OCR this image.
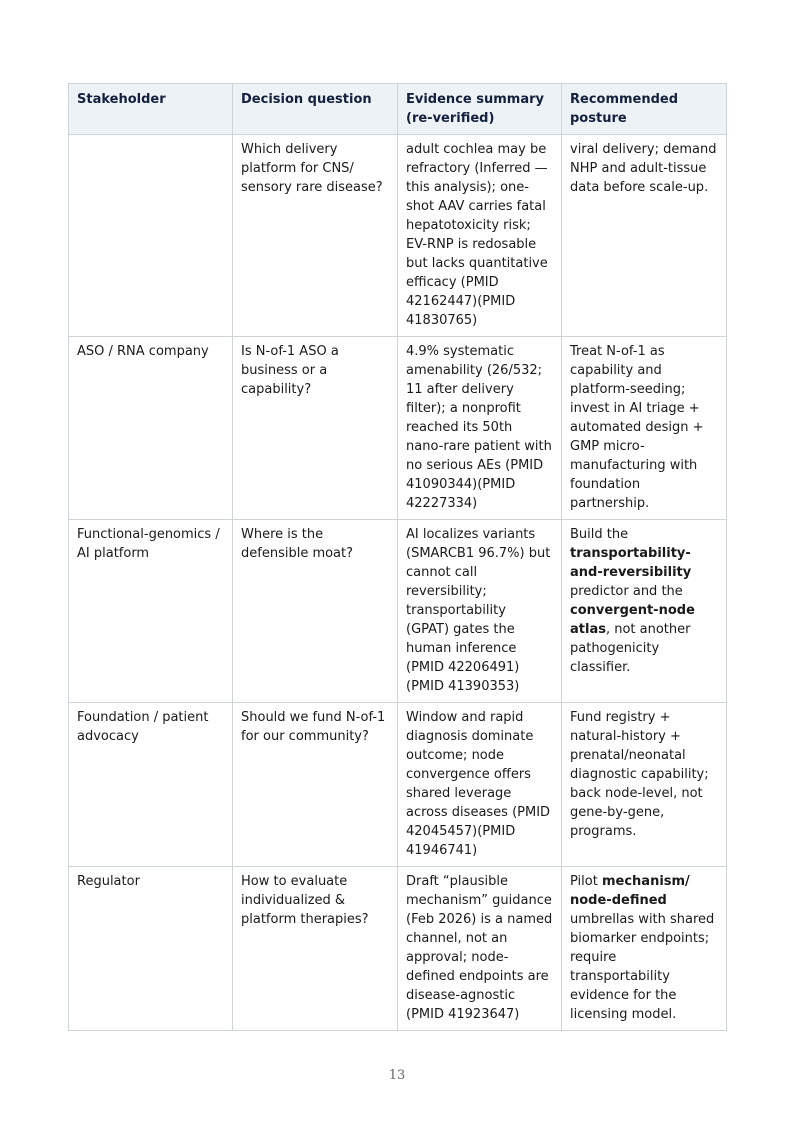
Stakeholder	Decision question	Evidence summary (re-verified)	Recommended posture
	Which delivery platform for CNS/ sensory rare disease?	adult cochlea may be refractory (Inferred — this analysis); one-shot AAV carries fatal hepatotoxicity risk; EV-RNP is redosable but lacks quantitative efficacy (PMID 42162447)(PMID 41830765)	viral delivery; demand NHP and adult-tissue data before scale-up.
ASO / RNA company	Is N-of-1 ASO a business or a capability?	4.9% systematic amenability (26/532; 11 after delivery filter); a nonprofit reached its 50th nano-rare patient with no serious AEs (PMID 41090344)(PMID 42227334)	Treat N-of-1 as capability and platform-seeding; invest in AI triage + automated design + GMP micro-manufacturing with foundation partnership.
Functional-genomics / AI platform	Where is the defensible moat?	AI localizes variants (SMARCB1 96.7%) but cannot call reversibility; transportability (GPAT) gates the human inference (PMID 42206491)(PMID 41390353)	Build the transportability-and-reversibility predictor and the convergent-node atlas, not another pathogenicity classifier.
Foundation / patient advocacy	Should we fund N-of-1 for our community?	Window and rapid diagnosis dominate outcome; node convergence offers shared leverage across diseases (PMID 42045457)(PMID 41946741)	Fund registry + natural-history + prenatal/neonatal diagnostic capability; back node-level, not gene-by-gene, programs.
Regulator	How to evaluate individualized & platform therapies?	Draft “plausible mechanism” guidance (Feb 2026) is a named channel, not an approval; node-defined endpoints are disease-agnostic (PMID 41923647)	Pilot mechanism/ node-defined umbrellas with shared biomarker endpoints; require transportability evidence for the licensing model.
13
